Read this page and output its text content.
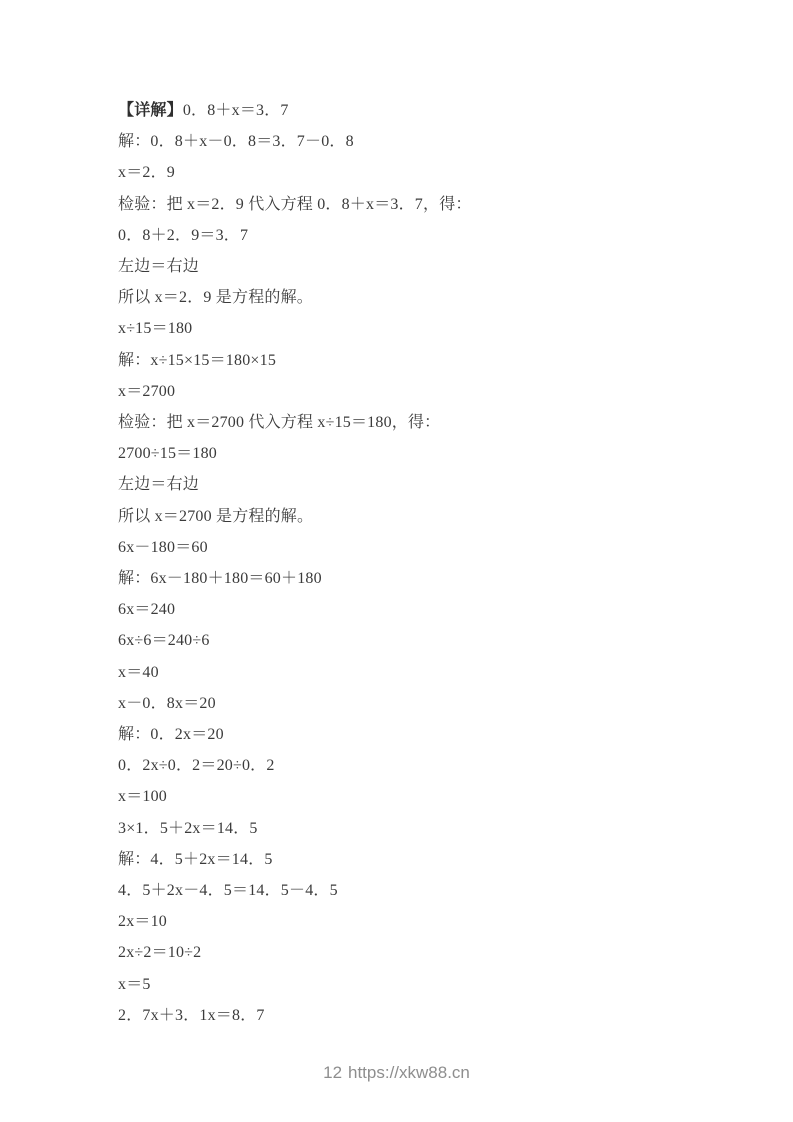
【详解】0．8＋x＝3．7

解：0．8＋x－0．8＝3．7－0．8

x＝2．9

检验：把 x＝2．9 代入方程 0．8＋x＝3．7，得：

0．8＋2．9＝3．7

左边＝右边

所以 x＝2．9 是方程的解。

x÷15＝180

解：x÷15×15＝180×15

x＝2700

检验：把 x＝2700 代入方程 x÷15＝180，得：

2700÷15＝180

左边＝右边

所以 x＝2700 是方程的解。

6x－180＝60

解：6x－180＋180＝60＋180

6x＝240

6x÷6＝240÷6

x＝40

x－0．8x＝20

解：0．2x＝20

0．2x÷0．2＝20÷0．2

x＝100

3×1．5＋2x＝14．5

解：4．5＋2x＝14．5

4．5＋2x－4．5＝14．5－4．5

2x＝10

2x÷2＝10÷2

x＝5

2．7x＋3．1x＝8．7

12 https://xkw88.cn
